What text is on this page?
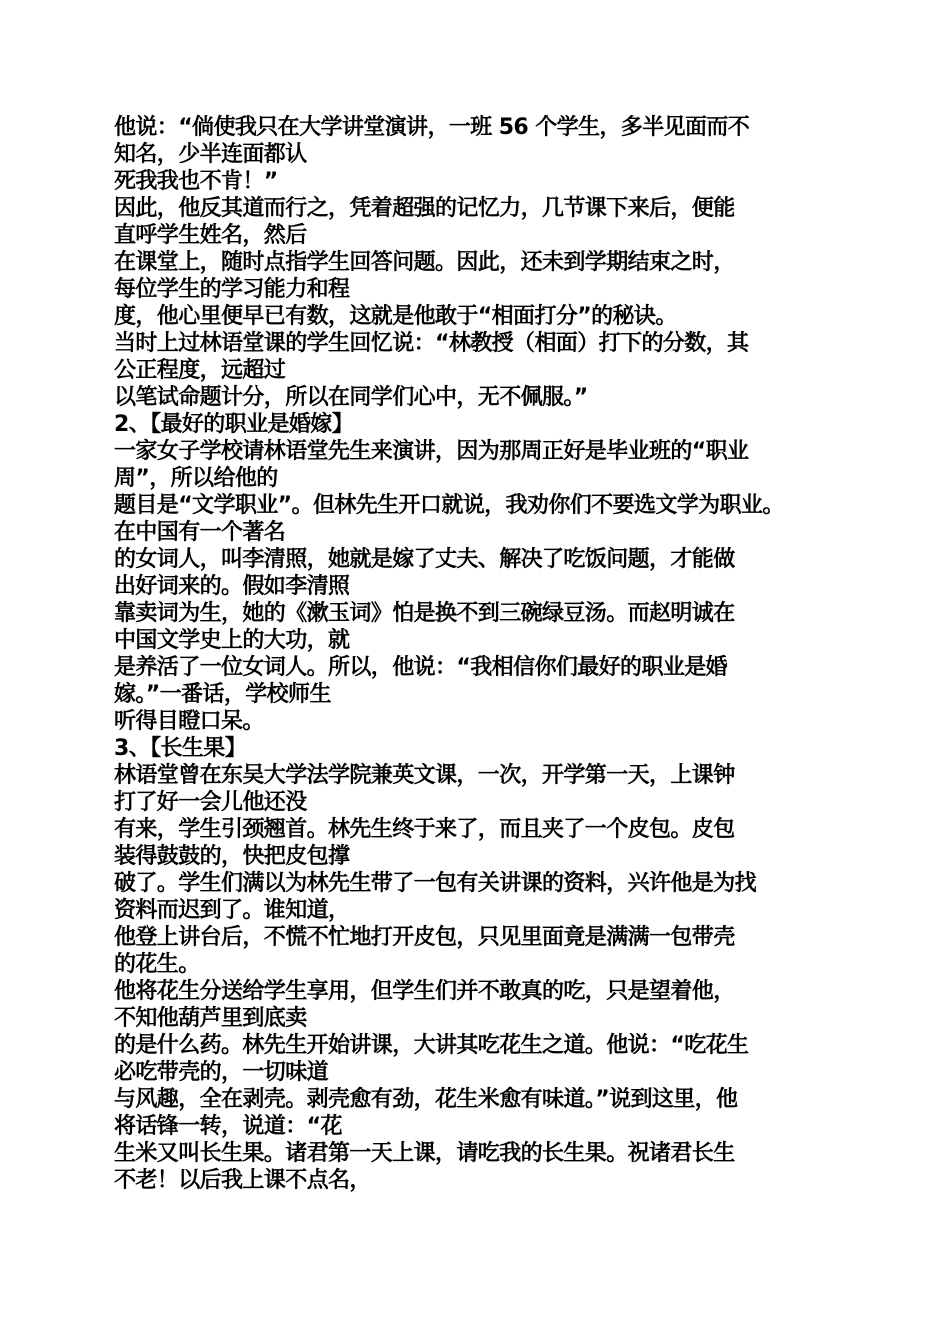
他说：“倘使我只在大学讲堂演讲，一班 56 个学生，多半见面而不
知名，少半连面都认
死我我也不肯！”
因此，他反其道而行之，凭着超强的记忆力，几节课下来后，便能
直呼学生姓名，然后
在课堂上，随时点指学生回答问题。因此，还未到学期结束之时，
每位学生的学习能力和程
度，他心里便早已有数，这就是他敢于“相面打分”的秘诀。
当时上过林语堂课的学生回忆说：“林教授（相面）打下的分数，其
公正程度，远超过
以笔试命题计分，所以在同学们心中，无不佩服。”
2、【最好的职业是婚嫁】
一家女子学校请林语堂先生来演讲，因为那周正好是毕业班的“职业
周”，所以给他的
题目是“文学职业”。但林先生开口就说，我劝你们不要选文学为职业。
在中国有一个著名
的女词人，叫李清照，她就是嫁了丈夫、解决了吃饭问题，才能做
出好词来的。假如李清照
靠卖词为生，她的《漱玉词》怕是换不到三碗绿豆汤。而赵明诚在
中国文学史上的大功，就
是养活了一位女词人。所以，他说：“我相信你们最好的职业是婚
嫁。”一番话，学校师生
听得目瞪口呆。
3、【长生果】
林语堂曾在东吴大学法学院兼英文课，一次，开学第一天，上课钟
打了好一会儿他还没
有来，学生引颈翘首。林先生终于来了，而且夹了一个皮包。皮包
装得鼓鼓的，快把皮包撑
破了。学生们满以为林先生带了一包有关讲课的资料，兴许他是为找
资料而迟到了。谁知道，
他登上讲台后，不慌不忙地打开皮包，只见里面竟是满满一包带壳
的花生。
他将花生分送给学生享用，但学生们并不敢真的吃，只是望着他，
不知他葫芦里到底卖
的是什么药。林先生开始讲课，大讲其吃花生之道。他说：“吃花生
必吃带壳的，一切味道
与风趣，全在剥壳。剥壳愈有劲，花生米愈有味道。”说到这里，他
将话锋一转，说道：“花
生米又叫长生果。诸君第一天上课，请吃我的长生果。祝诸君长生
不老！以后我上课不点名，
